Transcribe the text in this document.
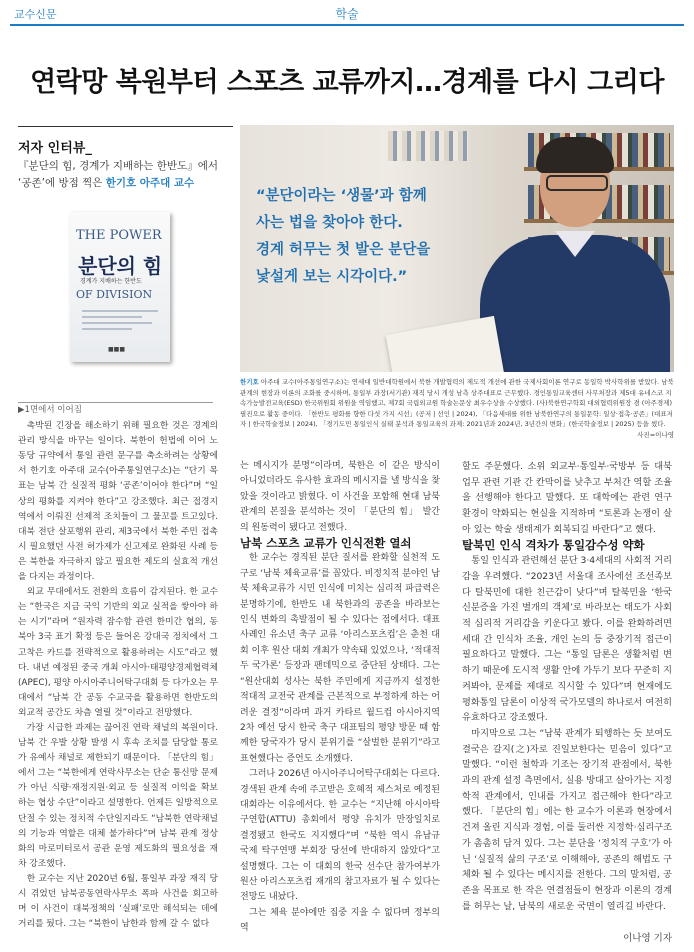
교수신문	학술
연락망 복원부터 스포츠 교류까지…경계를 다시 그리다
저자 인터뷰_
『분단의 힘, 경계가 지배하는 한반도』에서
‘공존’에 방점 찍은 한기호 아주대 교수
THE POWER
분단의 힘
경계가 지배하는 한반도
OF DIVISION
■■■
“분단이라는 ‘생물’과 함께
사는 법을 찾아야 한다.
경계 허무는 첫 발은 분단을
낯설게 보는 시각이다.”
한기호 아주대 교수(아주통일연구소)는 연세대 일반대학원에서 북한 개발협력의 제도적 개선에 관한 국제사회이론 연구로 동일학 박사학위를 받았다. 남북관계의 현장과 이론의 조화를 중시하며, 통일부 과장(서기관) 재직 당시 개성 남측 상주대표로 근무했다. 경인통일교육센터 사무처장과 제5대 유네스코 지속가능발전교육(ESD) 한국위원회 위원을 역임했고, 제7회 국립외교원 학술논문상 최우수상을 수상했다. (사)북한연구학회 대외협력위원장 겸 (아주경제) 필진으로 활동 중이다. 「한반도 평화를 향한 다섯 가지 시선」(공저 | 선인 | 2024), 「다음세대를 위한 남북한연구의 통일문학: 일상·접촉·공존」(대표저자 | 한국학술정보 | 2024), 「경기도민 통일인식 실태 분석과 통일교육의 과제: 2021년과 2024년, 3년간의 변화」(한국학술정보 | 2025) 등을 썼다.
사진=이나영
▶1면에서 이어짐

촉박된 긴장을 해소하기 위해 필요한 것은 경계의 관리 방식을 바꾸는 일이다. 북한이 헌법에 이어 노동당 규약에서 통일 관련 문구를 축소하려는 상황에서 한기호 아주대 교수(아주통일연구소)는 “단기 목표는 남북 간 실질적 평화 ‘공존’이어야 한다”며 “일상의 평화를 지켜야 한다”고 강조했다. 최근 접경지역에서 이뤄진 선제적 조치들이 그 물꼬를 트고있다. 대북 전단 살포행위 관리, 제3국에서 북한 주민 접촉시 필요했던 사전 허가제가 신고제로 완화된 사례 등은 북한을 자극하지 않고 필요한 제도의 실효적 개선을 다지는 과정이다.

외교 무대에서도 전환의 흐름이 감지된다. 한 교수는 “한국은 지금 국익 기반의 외교 실적을 쌓아야 하는 시기”라며 “원자력 잠수함 관련 한미간 협의, 동북아 3국 표기 확정 등은 들어온 강대국 정치에서 그 고착은 카드를 전략적으로 활용하려는 시도”라고 했다. 내년 예정된 중국 개최 아시아·태평양경제협력체(APEC), 평양 아시아주니어탁구대회 등 다가오는 무대에서 “남북 간 공동 수교국을 활용하면 한반도의 외교적 공간도 차츰 열릴 것”이라고 전망했다.

가장 시급한 과제는 끊어진 연락 채널의 복원이다. 남북 간 우발 상황 발생 시 후속 조치를 담당할 통로가 유예사 채널로 제한되기 때문이다. 「분단의 힘」에서 그는 “북한에게 연락사무소는 단순 통신망 문제가 아닌 식량·재정지원·외교 등 실질적 이익을 확보하는 협상 수단”이라고 설명한다. 언제든 일방적으로 단절 수 있는 정치적 수단일지라도 “남북한 연락채널의 기능과 역할은 대체 불가하다”며 남북 관계 정상화의 마로미터로서 공관 운영 제도화의 필요성을 재차 강조했다.

한 교수는 지난 2020년 6월, 통일부 과장 재직 당시 겪었던 남북공동연락사무소 폭파 사건을 회고하며 이 사건이 대북정책의 ‘실패’로만 해석되는 데에 거리를 뒀다. 그는 “북한이 남한과 함께 갈 수 없다

는 메시지가 분명”이라며, 북한은 이 같은 방식이 아니었더라도 유사한 효과의 메시지를 낼 방식을 찾았을 것이라고 밝혔다. 이 사건을 포함해 현대 남북관계의 본질을 분석하는 것이 「분단의 힘」 발간의 원동력이 됐다고 전했다.

남북 스포츠 교류가 인식전환 열쇠

한 교수는 경직된 분단 질서를 완화할 실천적 도구로 ‘남북 체육교류’를 꼽았다. 비정치적 분야인 남북 체육교류가 시민 인식에 미치는 심리적 파급력은 분명하기에, 한반도 내 북한과의 공존을 바라보는 인식 변화의 촉발점이 될 수 있다는 점에서다. 대표 사례인 유소년 축구 교류 ‘아리스포츠컵’은 춘천 대회 이후 원산 대회 개최가 약속돼 있었으나, ‘적대적 두 국가론’ 등장과 팬데믹으로 중단된 상태다. 그는 “원산대회 성사는 북한 주민에게 지금까지 설정한 적대적 교전국 관계를 근본적으로 부정하게 하는 어려운 결정”이라며 과거 카타르 월드컵 아시아지역 2차 예선 당시 한국 축구 대표팀의 평양 방문 때 함께한 당국자가 당시 분위기를 “살벌한 분위기”라고 표현했다는 증언도 소개했다.

그러나 2026년 아시아주니어탁구대회는 다르다. 경색된 관계 속에 주고받은 호혜적 제스처로 예정된 대회라는 이유에서다. 한 교수는 “지난해 아시아탁구연합(ATTU) 총회에서 평양 유치가 만장일치로 결정됐고 한국도 지지했다”며 “북한 역시 유남규 국제 탁구연맹 부회장 당선에 반대하지 않았다”고 설명했다. 그는 이 대회의 한국 선수단 참가여부가 원산 아리스포츠컵 재개의 참고자료가 될 수 있다는 전망도 내놨다.

그는 체육 분야에만 집중 지을 수 없다며 정부의 역

할도 주문했다. 소위 외교부·통일부·국방부 등 대북 업무 관련 기관 간 칸막이를 낮추고 부처간 역할 조율을 선행해야 한다고 말했다. 또 대학에는 관련 연구 환경이 약화되는 현실을 지적하며 “토론과 논쟁이 살아 있는 학술 생태계가 회복되길 바란다”고 했다.

탈북민 인식 격차가 통일감수성 약화

통일 인식과 관련해선 분단 3·4세대의 사회적 거리감을 우려했다. “2023년 서울대 조사에선 조선족보다 탈북민에 대한 친근감이 낮다”며 탈북민을 ‘한국 신분증을 가진 별개의 객체’로 바라보는 태도가 사회적 심리적 거리감을 키운다고 봤다. 이를 완화하려면 세대 간 인식차 조율, 개인 논의 등 중장기적 접근이 필요하다고 말했다. 그는 “통일 담론은 생활처럼 변하기 때문에 도시적 생활 안에 가두기 보다 꾸준히 지켜봐야, 문제를 제대로 직시할 수 있다”며 현재에도 평화통일 담론이 이상적 국가모델의 하나로서 여전히 유효하다고 강조했다.

마지막으로 그는 “남북 관계가 퇴행하는 듯 보여도 결국은 갈지(之)자로 진일보한다는 믿음이 있다”고 말했다. “이런 철학과 기조는 장기적 관점에서, 북한과의 관계 설정 측면에서, 실용 방대고 살아가는 지정학적 관계에서, 인내를 가지고 접근해야 한다”라고 했다. 「분단의 힘」에는 한 교수가 이론과 현장에서 건져 올린 지식과 경험, 이를 둘러싼 지정학·심리구조가 촘촘히 담겨 있다. 그는 분단을 ‘정치적 구호’가 아닌 ‘실질적 삶의 구조’로 이해해야, 공존의 해법도 구체화 될 수 있다는 메시지를 전한다. 그의 말처럼, 공존을 목표로 한 작은 연결점들이 현장과 이론의 경계를 허무는 날, 남북의 새로운 국면이 열리길 바란다.

이나영 기자
